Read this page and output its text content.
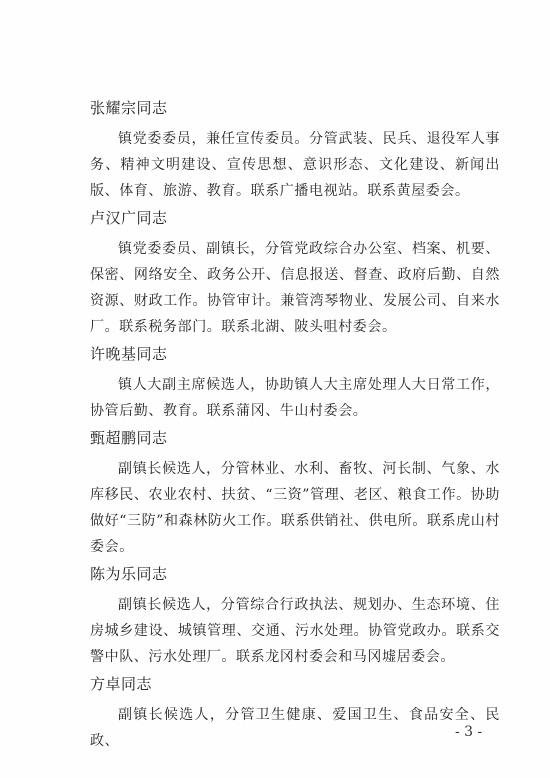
张耀宗同志

镇党委委员，兼任宣传委员。分管武装、民兵、退役军人事务、精神文明建设、宣传思想、意识形态、文化建设、新闻出版、体育、旅游、教育。联系广播电视站。联系黄屋委会。

卢汉广同志

镇党委委员、副镇长，分管党政综合办公室、档案、机要、保密、网络安全、政务公开、信息报送、督查、政府后勤、自然资源、财政工作。协管审计。兼管湾琴物业、发展公司、自来水厂。联系税务部门。联系北湖、陂头咀村委会。

许晚基同志

镇人大副主席候选人，协助镇人大主席处理人大日常工作，协管后勤、教育。联系蒲冈、牛山村委会。

甄超鹏同志

副镇长候选人，分管林业、水利、畜牧、河长制、气象、水库移民、农业农村、扶贫、“三资”管理、老区、粮食工作。协助做好“三防”和森林防火工作。联系供销社、供电所。联系虎山村委会。

陈为乐同志

副镇长候选人，分管综合行政执法、规划办、生态环境、住房城乡建设、城镇管理、交通、污水处理。协管党政办。联系交警中队、污水处理厂。联系龙冈村委会和马冈墟居委会。

方卓同志

副镇长候选人，分管卫生健康、爱国卫生、食品安全、民政、

- 3 -
